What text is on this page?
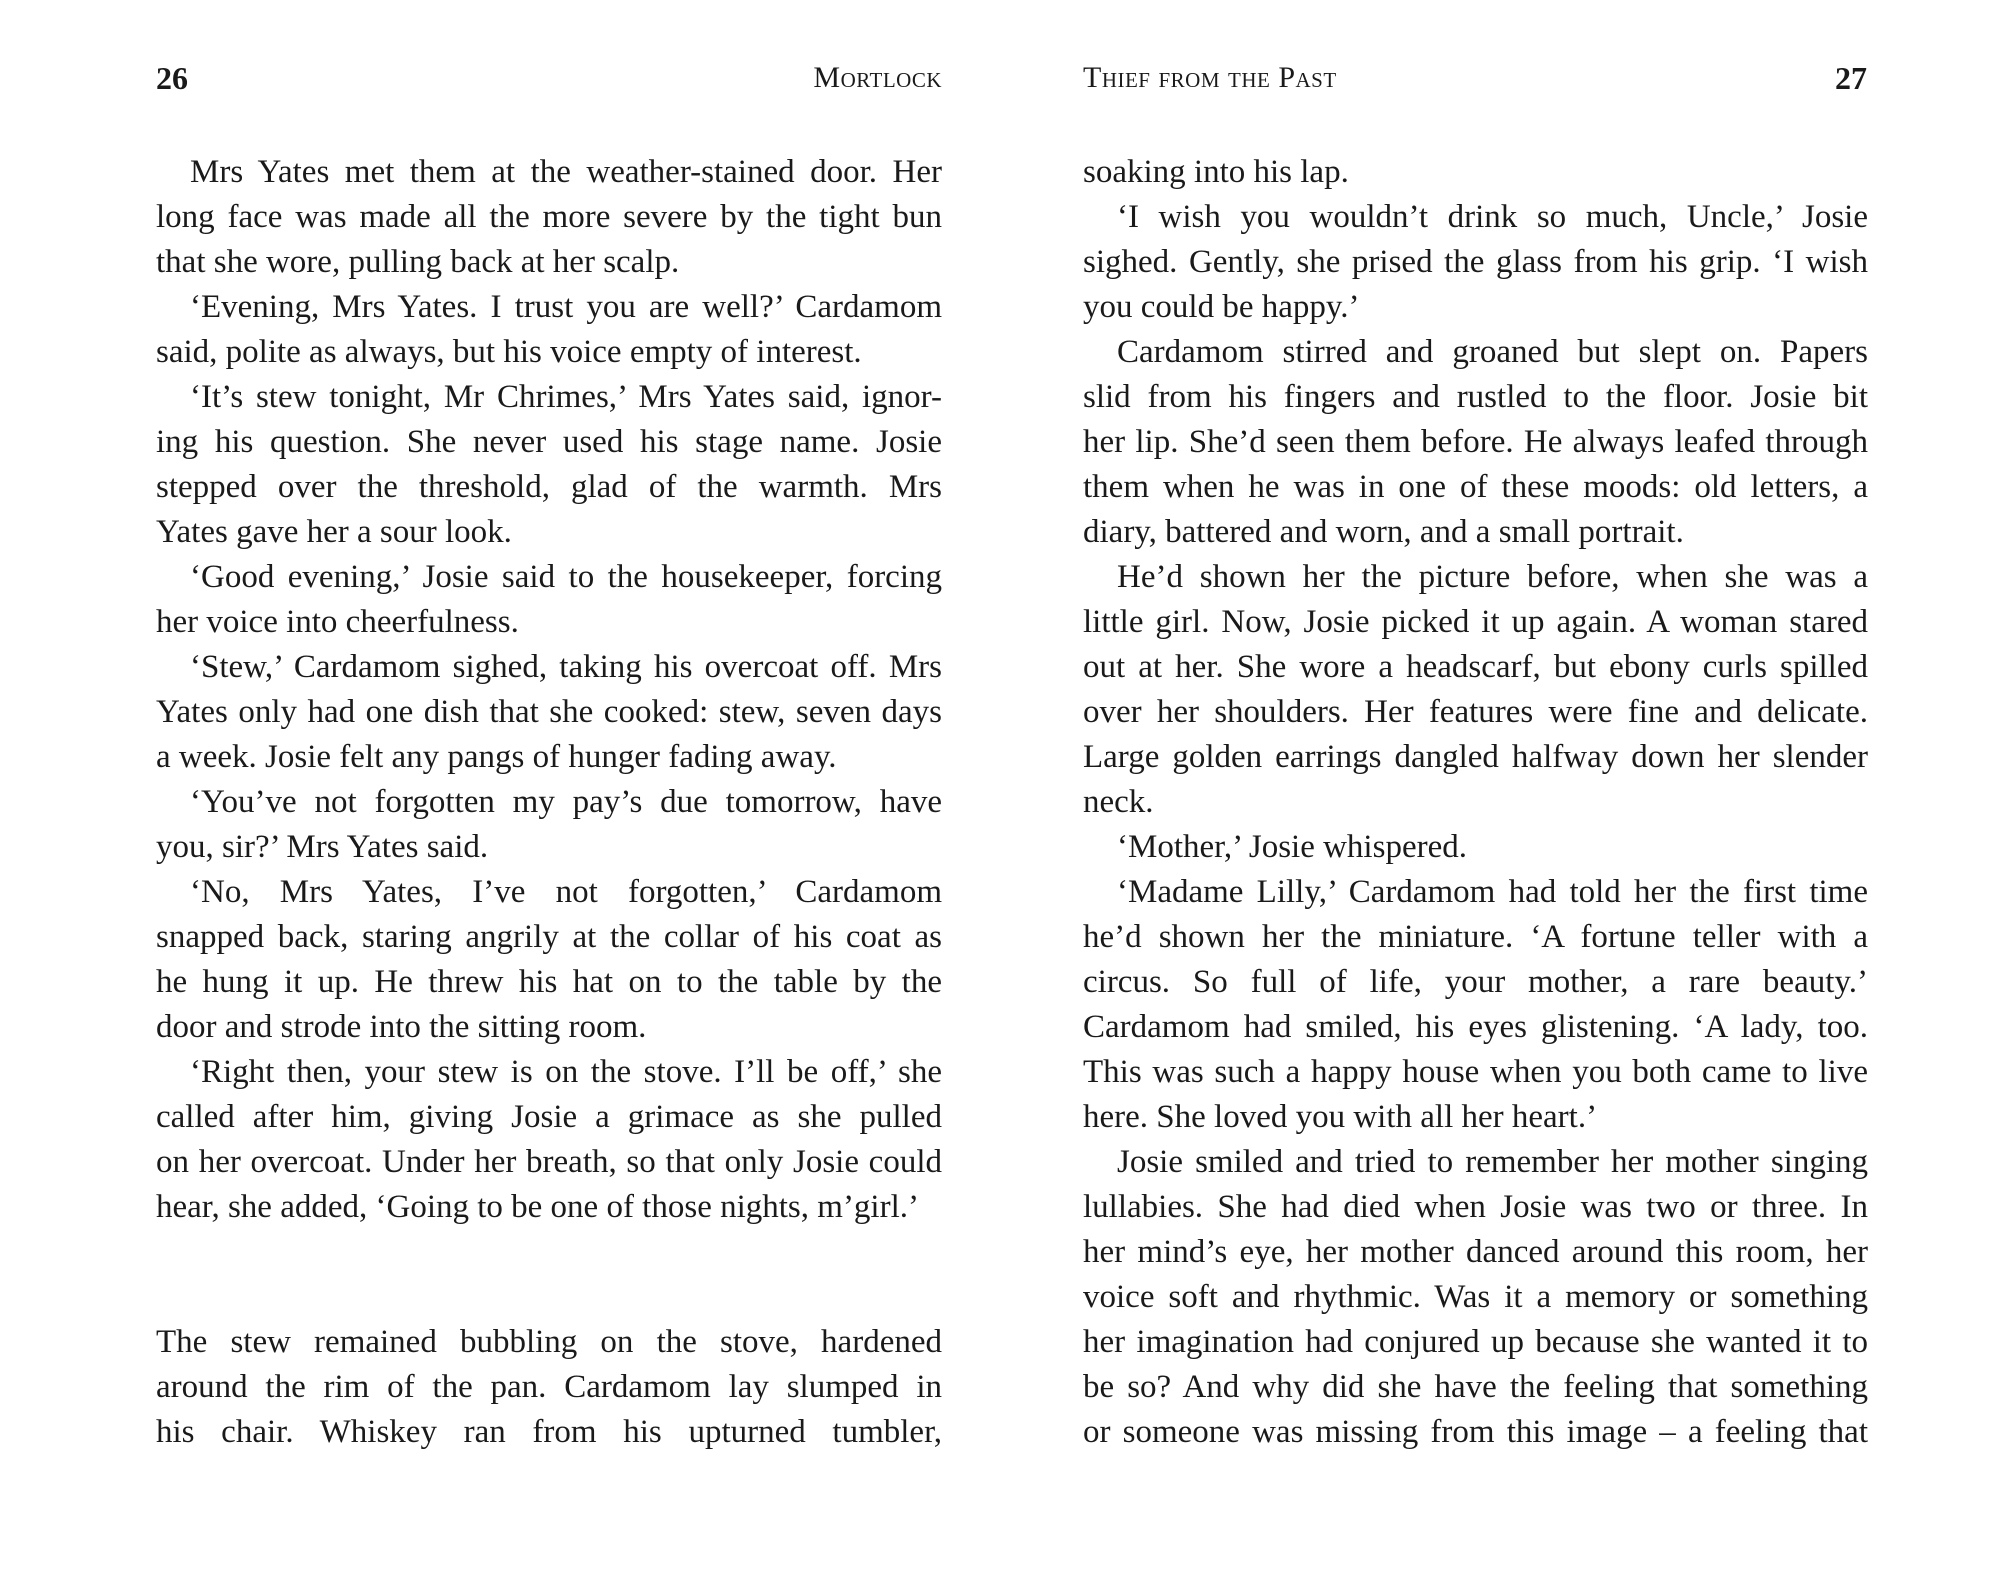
26	Mortlock
Mrs Yates met them at the weather-stained door. Her
long face was made all the more severe by the tight bun
that she wore, pulling back at her scalp.
‘Evening, Mrs Yates. I trust you are well?’ Cardamom
said, polite as always, but his voice empty of interest.
‘It’s stew tonight, Mr Chrimes,’ Mrs Yates said, ignor-
ing his question. She never used his stage name. Josie
stepped over the threshold, glad of the warmth. Mrs
Yates gave her a sour look.
‘Good evening,’ Josie said to the housekeeper, forcing
her voice into cheerfulness.
‘Stew,’ Cardamom sighed, taking his overcoat off. Mrs
Yates only had one dish that she cooked: stew, seven days
a week. Josie felt any pangs of hunger fading away.
‘You’ve not forgotten my pay’s due tomorrow, have
you, sir?’ Mrs Yates said.
‘No, Mrs Yates, I’ve not forgotten,’ Cardamom
snapped back, staring angrily at the collar of his coat as
he hung it up. He threw his hat on to the table by the
door and strode into the sitting room.
‘Right then, your stew is on the stove. I’ll be off,’ she
called after him, giving Josie a grimace as she pulled
on her overcoat. Under her breath, so that only Josie could
hear, she added, ‘Going to be one of those nights, m’girl.’
The stew remained bubbling on the stove, hardened
around the rim of the pan. Cardamom lay slumped in
his chair. Whiskey ran from his upturned tumbler,
Thief from the Past	27
soaking into his lap.
‘I wish you wouldn’t drink so much, Uncle,’ Josie
sighed. Gently, she prised the glass from his grip. ‘I wish
you could be happy.’
Cardamom stirred and groaned but slept on. Papers
slid from his fingers and rustled to the floor. Josie bit
her lip. She’d seen them before. He always leafed through
them when he was in one of these moods: old letters, a
diary, battered and worn, and a small portrait.
He’d shown her the picture before, when she was a
little girl. Now, Josie picked it up again. A woman stared
out at her. She wore a headscarf, but ebony curls spilled
over her shoulders. Her features were fine and delicate.
Large golden earrings dangled halfway down her slender
neck.
‘Mother,’ Josie whispered.
‘Madame Lilly,’ Cardamom had told her the first time
he’d shown her the miniature. ‘A fortune teller with a
circus. So full of life, your mother, a rare beauty.’
Cardamom had smiled, his eyes glistening. ‘A lady, too.
This was such a happy house when you both came to live
here. She loved you with all her heart.’
Josie smiled and tried to remember her mother singing
lullabies. She had died when Josie was two or three. In
her mind’s eye, her mother danced around this room, her
voice soft and rhythmic. Was it a memory or something
her imagination had conjured up because she wanted it to
be so? And why did she have the feeling that something
or someone was missing from this image – a feeling that
